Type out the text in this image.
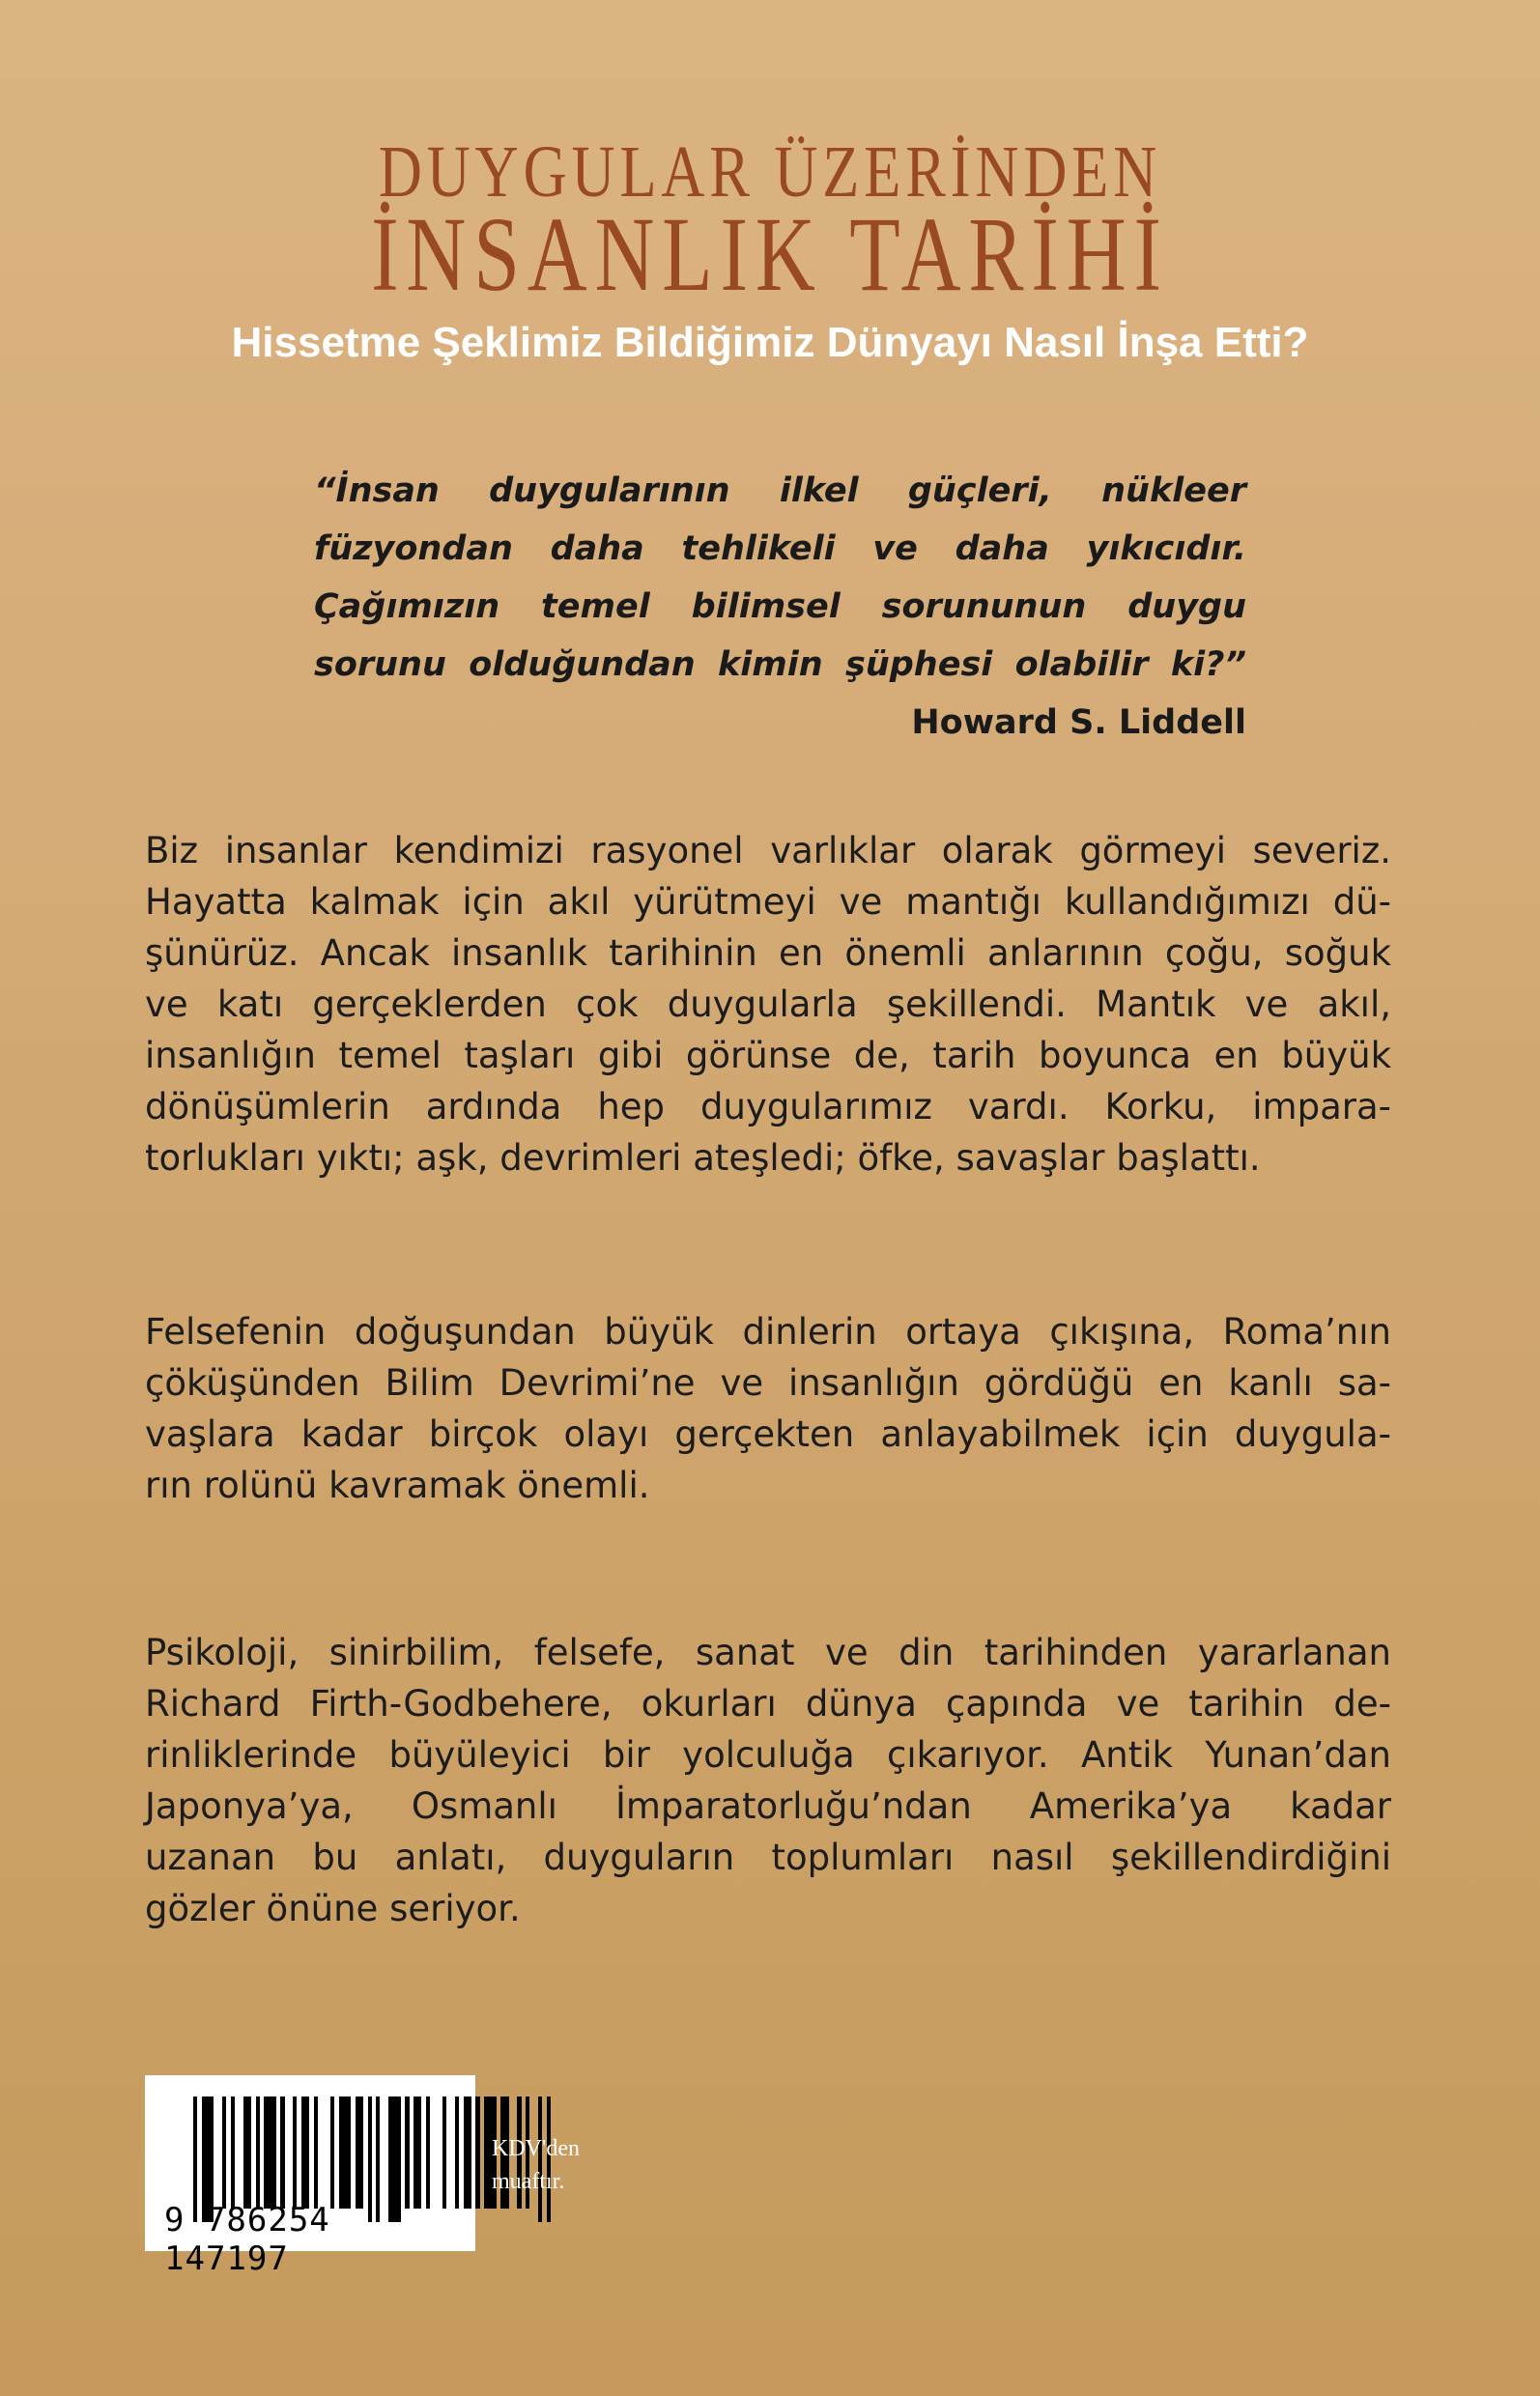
DUYGULAR ÜZERİNDEN
İNSANLIK TARİHİ
Hissetme Şeklimiz Bildiğimiz Dünyayı Nasıl İnşa Etti?
“İnsan duygularının ilkel güçleri, nükleer
füzyondan daha tehlikeli ve daha yıkıcıdır.
Çağımızın temel bilimsel sorununun duygu
sorunu olduğundan kimin şüphesi olabilir ki?”
Howard S. Liddell
Biz insanlar kendimizi rasyonel varlıklar olarak görmeyi severiz.
Hayatta kalmak için akıl yürütmeyi ve mantığı kullandığımızı dü-
şünürüz. Ancak insanlık tarihinin en önemli anlarının çoğu, soğuk
ve katı gerçeklerden çok duygularla şekillendi. Mantık ve akıl,
insanlığın temel taşları gibi görünse de, tarih boyunca en büyük
dönüşümlerin ardında hep duygularımız vardı. Korku, impara-
torlukları yıktı; aşk, devrimleri ateşledi; öfke, savaşlar başlattı.
Felsefenin doğuşundan büyük dinlerin ortaya çıkışına, Roma’nın
çöküşünden Bilim Devrimi’ne ve insanlığın gördüğü en kanlı sa-
vaşlara kadar birçok olayı gerçekten anlayabilmek için duygula-
rın rolünü kavramak önemli.
Psikoloji, sinirbilim, felsefe, sanat ve din tarihinden yararlanan
Richard Firth-Godbehere, okurları dünya çapında ve tarihin de-
rinliklerinde büyüleyici bir yolculuğa çıkarıyor. Antik Yunan’dan
Japonya’ya, Osmanlı İmparatorluğu’ndan Amerika’ya kadar
uzanan bu anlatı, duyguların toplumları nasıl şekillendirdiğini
gözler önüne seriyor.
9 786254 147197
KDV'den
muaftır.
